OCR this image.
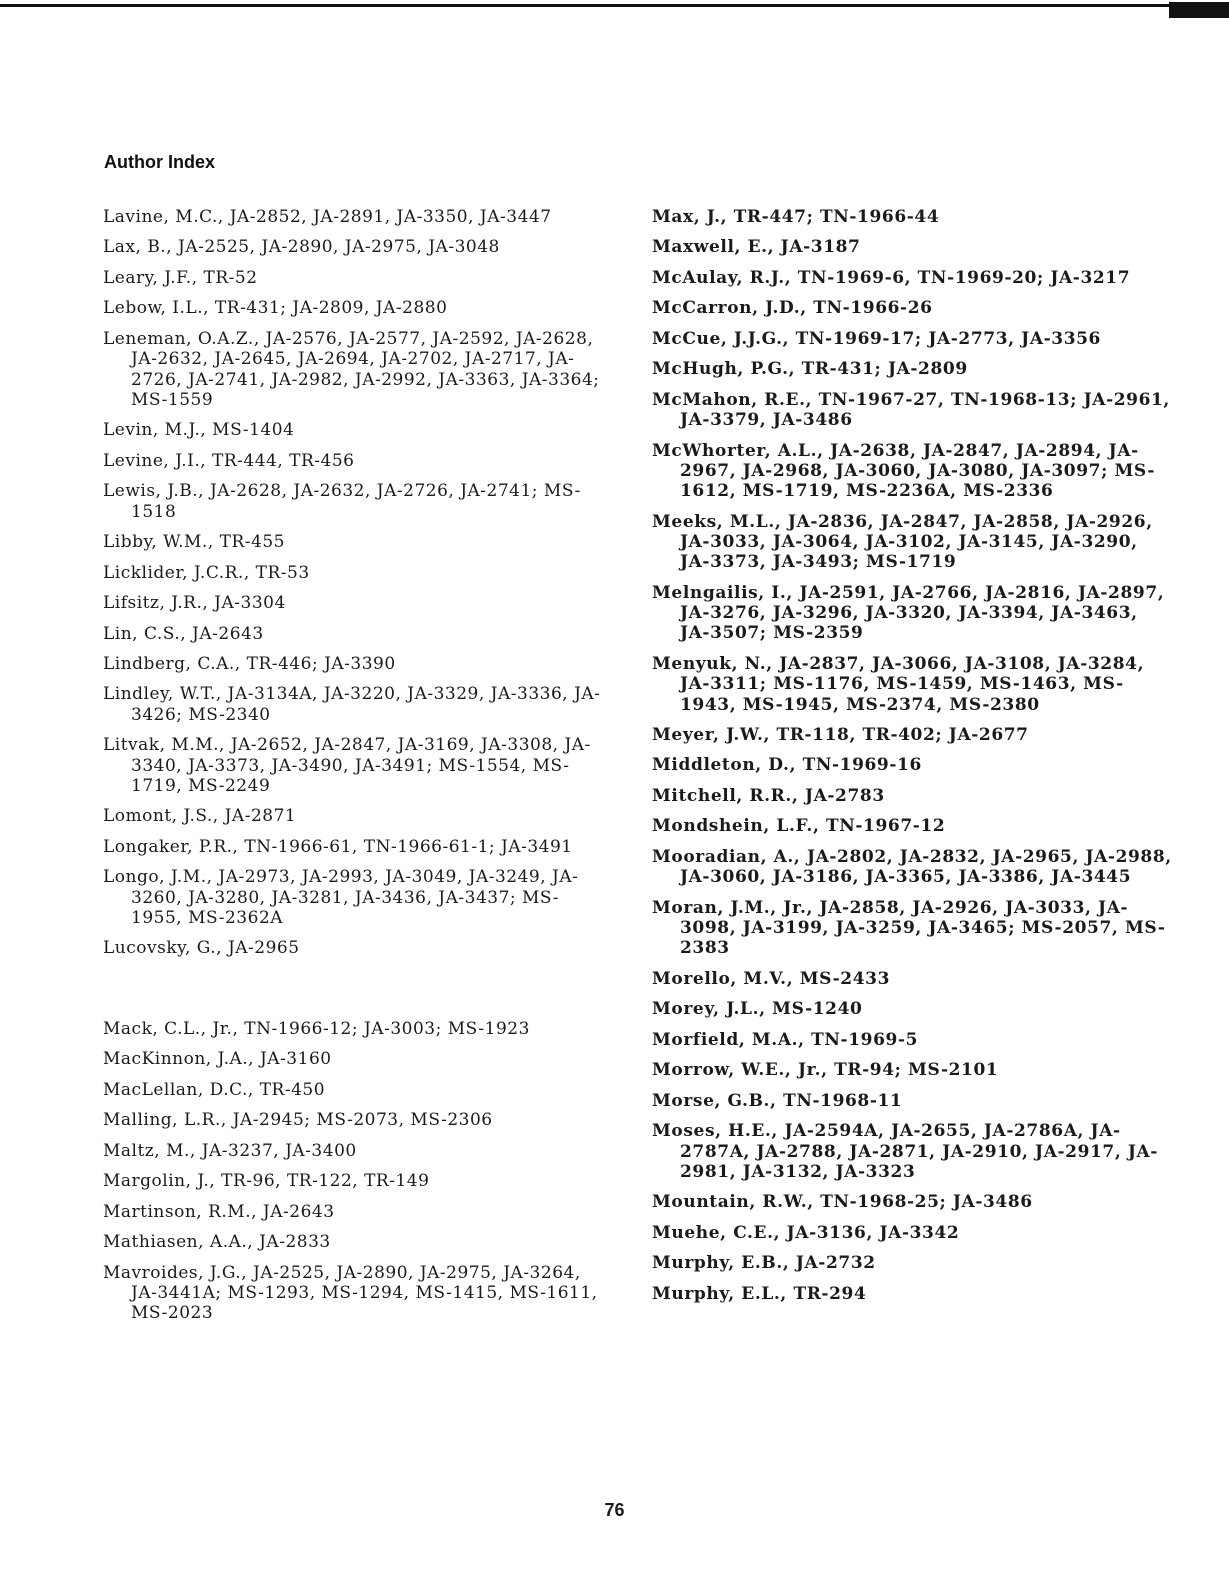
Author Index
Lavine, M.C., JA-2852, JA-2891, JA-3350, JA-3447
Lax, B., JA-2525, JA-2890, JA-2975, JA-3048
Leary, J.F., TR-52
Lebow, I.L., TR-431; JA-2809, JA-2880
Leneman, O.A.Z., JA-2576, JA-2577, JA-2592, JA-2628, JA-2632, JA-2645, JA-2694, JA-2702, JA-2717, JA-2726, JA-2741, JA-2982, JA-2992, JA-3363, JA-3364; MS-1559
Levin, M.J., MS-1404
Levine, J.I., TR-444, TR-456
Lewis, J.B., JA-2628, JA-2632, JA-2726, JA-2741; MS-1518
Libby, W.M., TR-455
Licklider, J.C.R., TR-53
Lifsitz, J.R., JA-3304
Lin, C.S., JA-2643
Lindberg, C.A., TR-446; JA-3390
Lindley, W.T., JA-3134A, JA-3220, JA-3329, JA-3336, JA-3426; MS-2340
Litvak, M.M., JA-2652, JA-2847, JA-3169, JA-3308, JA-3340, JA-3373, JA-3490, JA-3491; MS-1554, MS-1719, MS-2249
Lomont, J.S., JA-2871
Longaker, P.R., TN-1966-61, TN-1966-61-1; JA-3491
Longo, J.M., JA-2973, JA-2993, JA-3049, JA-3249, JA-3260, JA-3280, JA-3281, JA-3436, JA-3437; MS-1955, MS-2362A
Lucovsky, G., JA-2965
Mack, C.L., Jr., TN-1966-12; JA-3003; MS-1923
MacKinnon, J.A., JA-3160
MacLellan, D.C., TR-450
Malling, L.R., JA-2945; MS-2073, MS-2306
Maltz, M., JA-3237, JA-3400
Margolin, J., TR-96, TR-122, TR-149
Martinson, R.M., JA-2643
Mathiasen, A.A., JA-2833
Mavroides, J.G., JA-2525, JA-2890, JA-2975, JA-3264, JA-3441A; MS-1293, MS-1294, MS-1415, MS-1611, MS-2023
Max, J., TR-447; TN-1966-44
Maxwell, E., JA-3187
McAulay, R.J., TN-1969-6, TN-1969-20; JA-3217
McCarron, J.D., TN-1966-26
McCue, J.J.G., TN-1969-17; JA-2773, JA-3356
McHugh, P.G., TR-431; JA-2809
McMahon, R.E., TN-1967-27, TN-1968-13; JA-2961, JA-3379, JA-3486
McWhorter, A.L., JA-2638, JA-2847, JA-2894, JA-2967, JA-2968, JA-3060, JA-3080, JA-3097; MS-1612, MS-1719, MS-2236A, MS-2336
Meeks, M.L., JA-2836, JA-2847, JA-2858, JA-2926, JA-3033, JA-3064, JA-3102, JA-3145, JA-3290, JA-3373, JA-3493; MS-1719
Melngailis, I., JA-2591, JA-2766, JA-2816, JA-2897, JA-3276, JA-3296, JA-3320, JA-3394, JA-3463, JA-3507; MS-2359
Menyuk, N., JA-2837, JA-3066, JA-3108, JA-3284, JA-3311; MS-1176, MS-1459, MS-1463, MS-1943, MS-1945, MS-2374, MS-2380
Meyer, J.W., TR-118, TR-402; JA-2677
Middleton, D., TN-1969-16
Mitchell, R.R., JA-2783
Mondshein, L.F., TN-1967-12
Mooradian, A., JA-2802, JA-2832, JA-2965, JA-2988, JA-3060, JA-3186, JA-3365, JA-3386, JA-3445
Moran, J.M., Jr., JA-2858, JA-2926, JA-3033, JA-3098, JA-3199, JA-3259, JA-3465; MS-2057, MS-2383
Morello, M.V., MS-2433
Morey, J.L., MS-1240
Morfield, M.A., TN-1969-5
Morrow, W.E., Jr., TR-94; MS-2101
Morse, G.B., TN-1968-11
Moses, H.E., JA-2594A, JA-2655, JA-2786A, JA-2787A, JA-2788, JA-2871, JA-2910, JA-2917, JA-2981, JA-3132, JA-3323
Mountain, R.W., TN-1968-25; JA-3486
Muehe, C.E., JA-3136, JA-3342
Murphy, E.B., JA-2732
Murphy, E.L., TR-294
76
